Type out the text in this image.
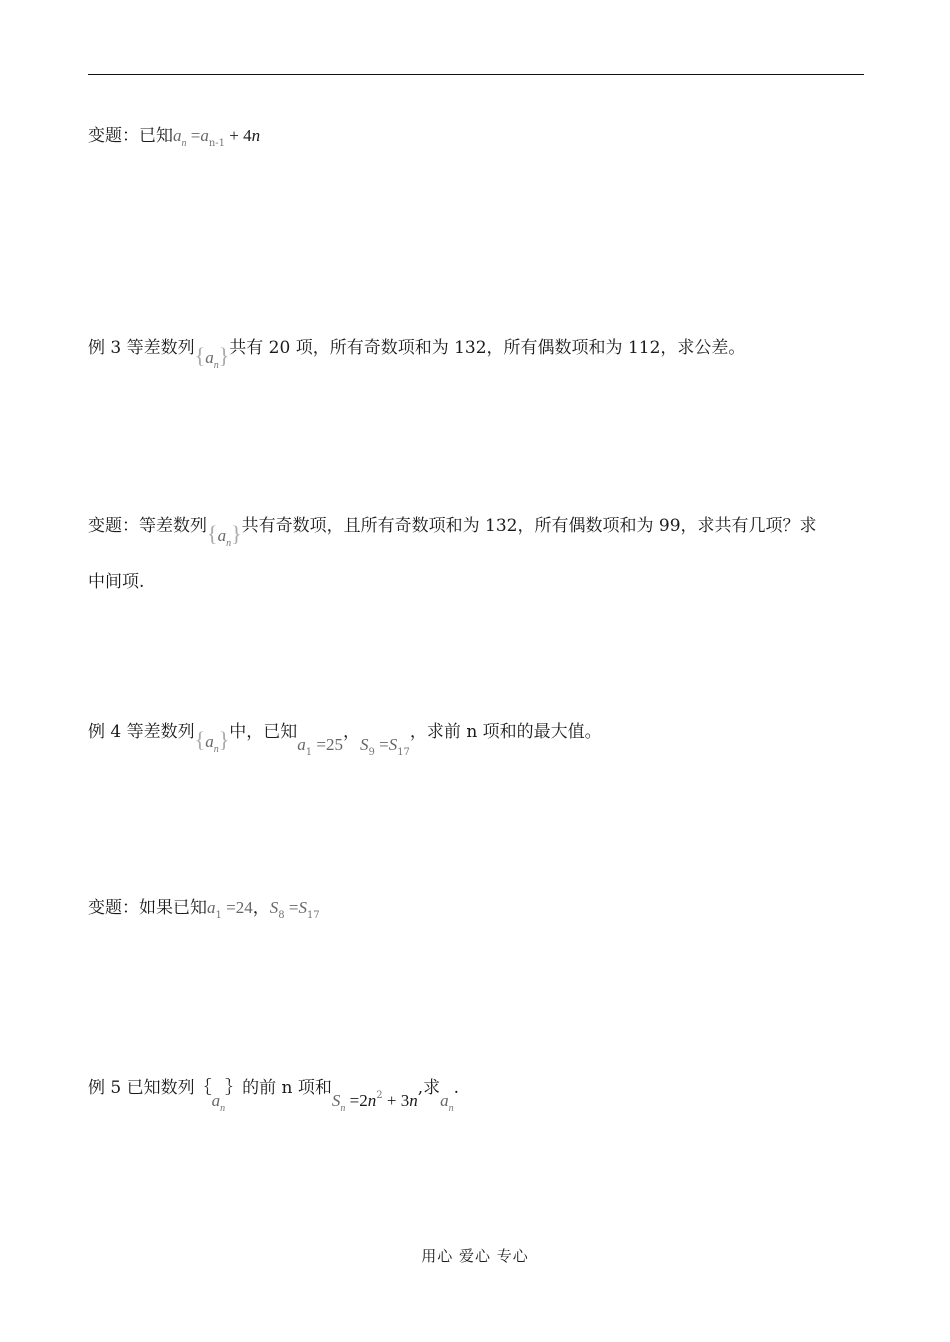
变题：已知$a_n =a_{n-1} + 4n$
例 3 等差数列$\{a_n\}$共有 20 项，所有奇数项和为 132，所有偶数项和为 112，求公差。
变题：等差数列$\{a_n\}$共有奇数项，且所有奇数项和为 132，所有偶数项和为 99，求共有几项？求
中间项.
例 4 等差数列$\{a_n\}$中，已知$a_1 =25$，$S_9 =S_{17}$，求前 n 项和的最大值。
变题：如果已知$a_1 =24$，$S_8 =S_{17}$
例 5 已知数列$\{a_n\}$的前 n 项和$S_n =2n^2 + 3n$,求$a_n$.
用心 爱心 专心
